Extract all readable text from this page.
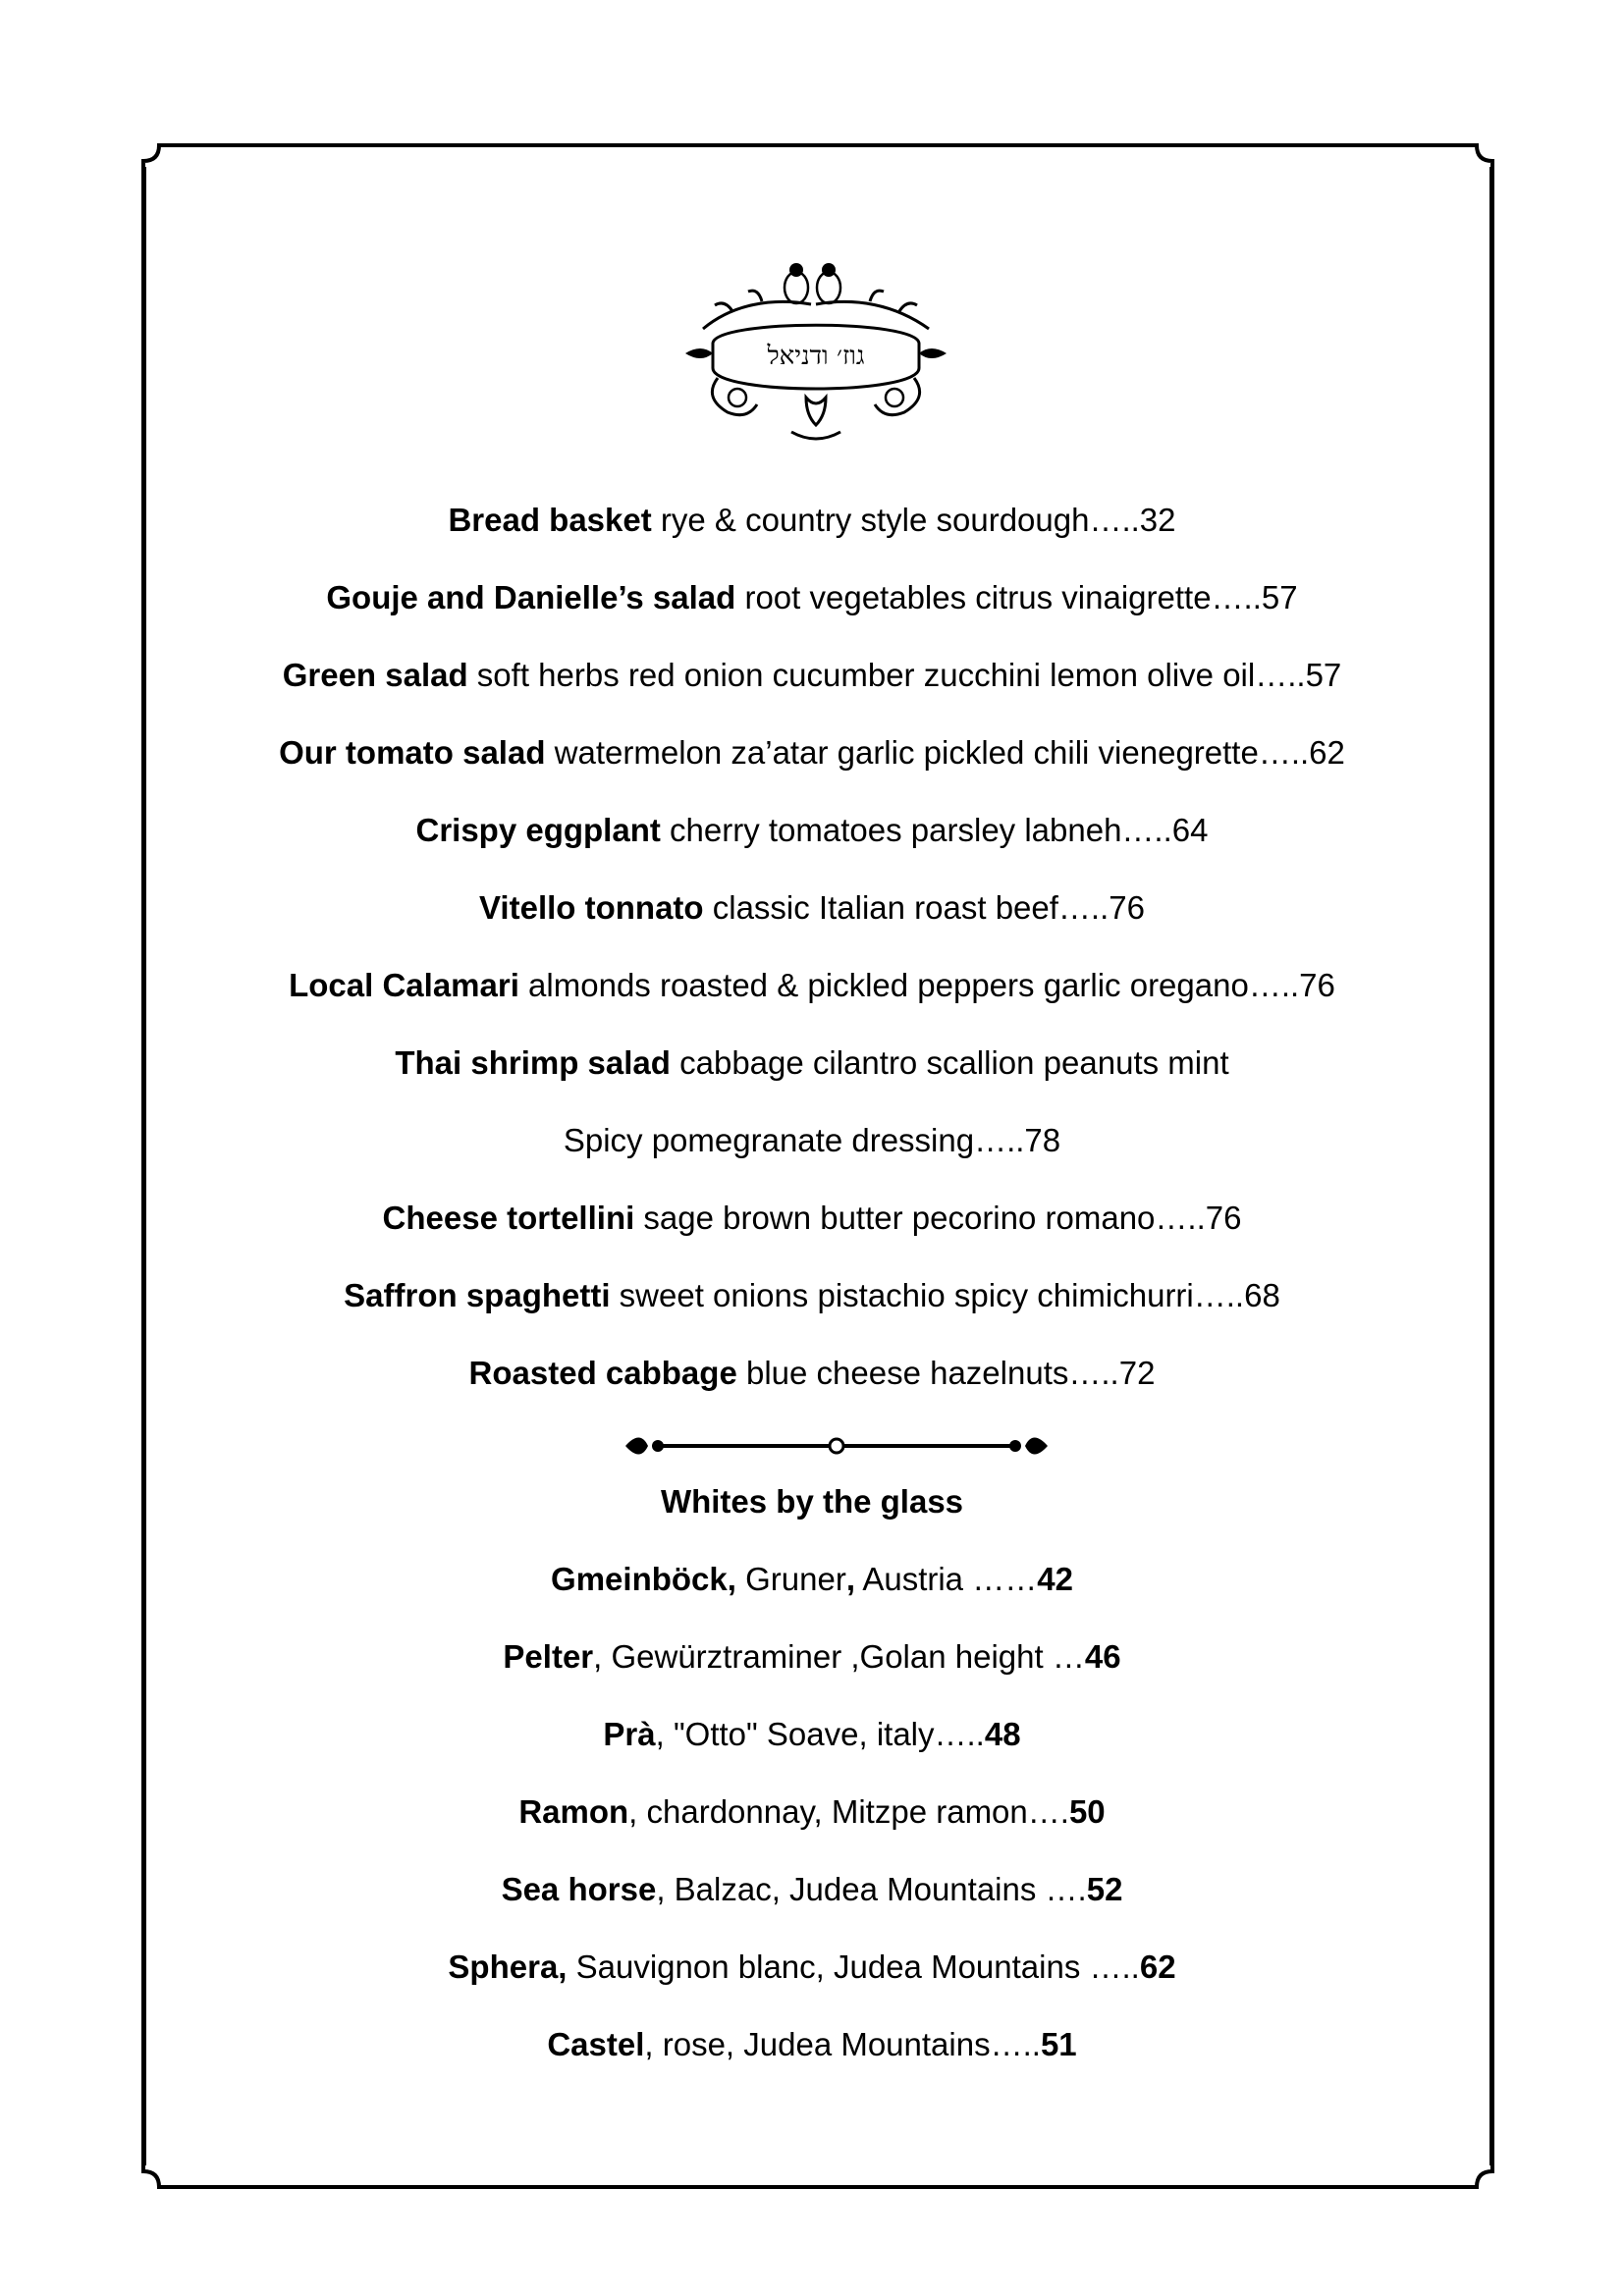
גוז׳ ודניאל
Bread basket rye & country style sourdough…..32
Gouje and Danielle’s salad root vegetables citrus vinaigrette…..57
Green salad soft herbs red onion cucumber zucchini lemon olive oil…..57
Our tomato salad watermelon za’atar garlic pickled chili vienegrette…..62
Crispy eggplant cherry tomatoes parsley labneh…..64
Vitello tonnato classic Italian roast beef…..76
Local Calamari almonds roasted & pickled peppers garlic oregano…..76
Thai shrimp salad cabbage cilantro scallion peanuts mint
Spicy pomegranate dressing…..78
Cheese tortellini sage brown butter pecorino romano…..76
Saffron spaghetti sweet onions pistachio spicy chimichurri…..68
Roasted cabbage blue cheese hazelnuts…..72
Whites by the glass
Gmeinböck, Gruner, Austria ……42
Pelter, Gewürztraminer ,Golan height …46
Prà, "Otto" Soave, italy…..48
Ramon, chardonnay, Mitzpe ramon….50
Sea horse, Balzac, Judea Mountains ….52
Sphera, Sauvignon blanc, Judea Mountains …..62
Castel, rose, Judea Mountains…..51
